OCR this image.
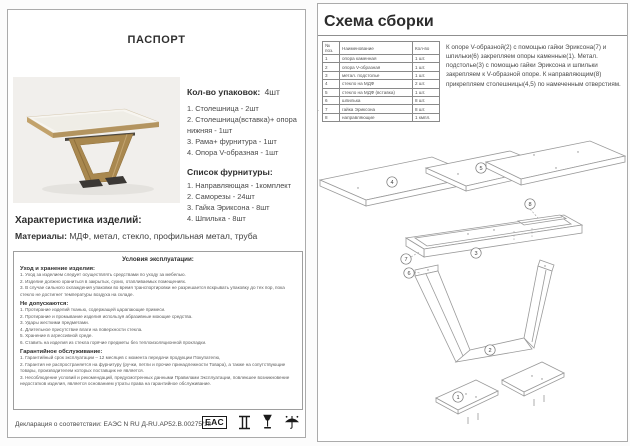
ПАСПОРТ
Кол-во упаковок: 4шт
1. Столешница - 2шт
2. Столешница(вставка)+ опора нижняя - 1шт
3. Рама+ фурнитура - 1шт
4. Опора V-образная - 1шт
Список фурнитуры:
1. Направляющая - 1комплект
2. Саморезы - 24шт
3. Гайка Эриксона - 8шт
4. Шпилька - 8шт
Характеристика изделий:
Материалы: МДФ, метал, стекло, профильная метал, труба
Условия эксплуатации:
Уход и хранение изделия:
1. Уход за изделием следует осуществлять средствами по уходу за мебелью.
2. Изделие должно храниться в закрытых, сухих, отапливаемых помещениях.
3. В случае сильного охлаждения упаковки во время транспортировки не разрешается вскрывать упаковку до тех пор, пока стекло не достигнет температуры воздуха на складе.
Не допускаются:
1. Протирание изделий тканью, содержащей царапающие примеси.
2. Протирание и промывание изделия используя абразивные моющие средства.
3. Удары жесткими предметами.
4. Длительное присутствие влаги на поверхности стекла.
5. Хранение в агрессивной среде.
6. Ставить на изделия из стекла горячие предметы без теплоизоляционной прокладки.
Гарантийное обслуживание:
1. Гарантийный срок эксплуатации – 12 месяцев с момента передачи продукции Покупателю,
2. Гарантия не распространяется на фурнитуру (ручки, петли и прочие принадлежности Товара), а также на сопутствующие товары, производителем которых поставщик не является.
3. Несоблюдение условий и рекомендаций, предусмотренных данными Правилами Эксплуатации, повлекшее возникновение недостатков изделия, является основанием утраты права на гарантийное обслуживание.
Декларация о соответствии: ЕАЭС N RU Д-RU.АР52.В.00275/18
ЕАС
Схема сборки
№ поз.	Наименование	Кол-во
1	опора каменная	1 шт.
2	опора V-образная	1 шт.
3	метал. подстолье	1 шт.
4	стекло на МДФ	2 шт.
5	стекло на МДФ (вставка)	1 шт.
6	шпилька	8 шт.
7	гайка Эриксона	8 шт.
8	направляющие	1 кмпл.
К опоре V-образной(2) с помощью гайки Эриксона(7) и шпильки(6) закрепляем опоры каменные(1). Метал. подстолье(3) с помощью гайки Эриксона и шпильки закрепляем к V-образной опоре. К направляющим(8) прикрепляем столешницы(4,5) по намеченным отверстиям.
4
5
8
3
7
6
2
1
